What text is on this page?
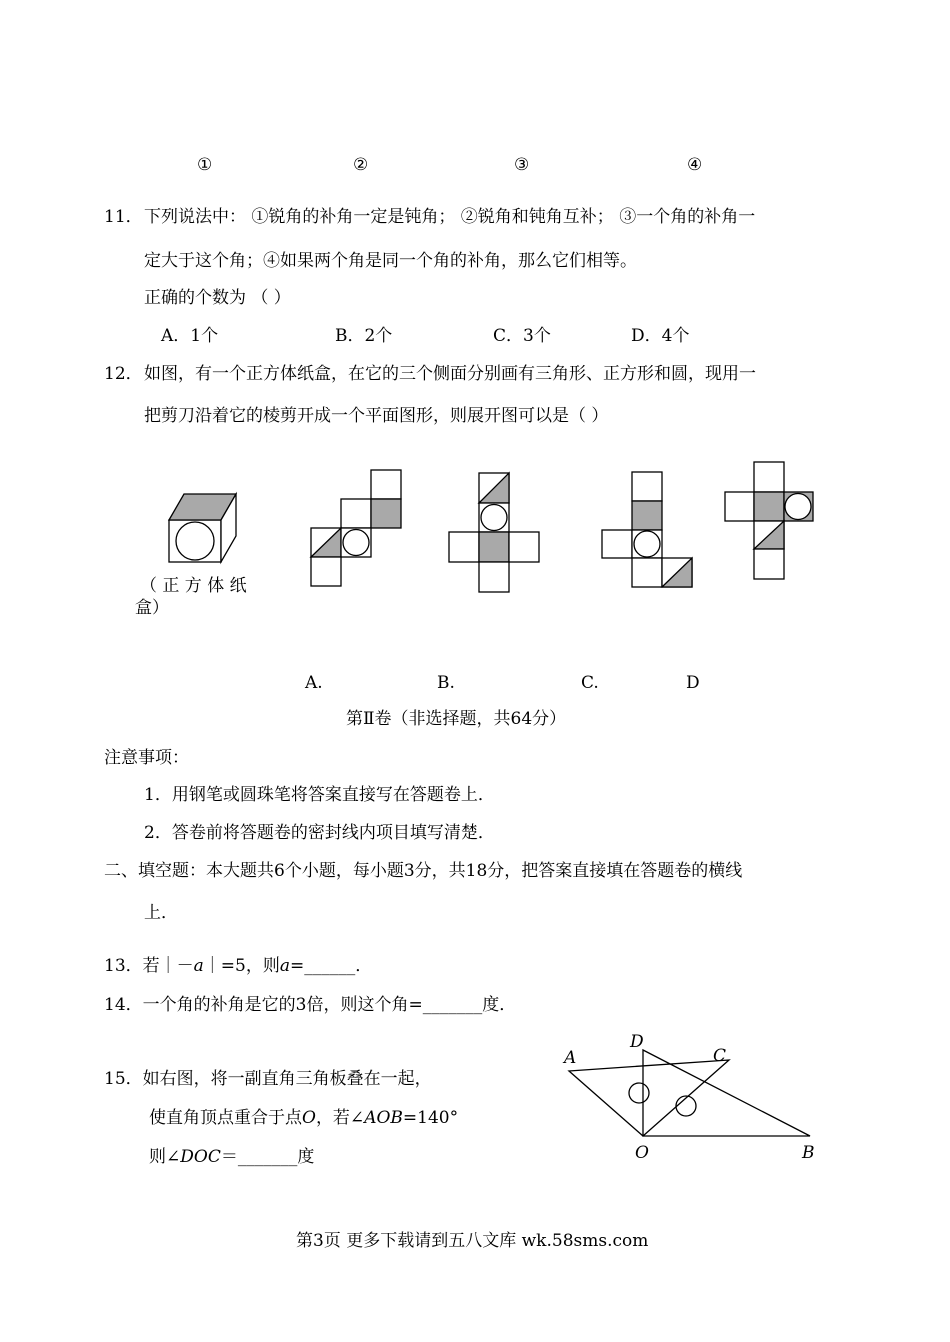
①	②	③	④
11． 下列说法中： ①锐角的补角一定是钝角； ②锐角和钝角互补； ③一个角的补角一
定大于这个角；④如果两个角是同一个角的补角，那么它们相等。
正确的个数为 （ ）
A．1个	B．2个	C．3个	D．4个
12． 如图，有一个正方体纸盒，在它的三个侧面分别画有三角形、正方形和圆，现用一
把剪刀沿着它的棱剪开成一个平面图形，则展开图可以是（ ）
（ 正 方 体 纸
盒）
A.	B.	C.	D
第Ⅱ卷（非选择题，共64分）
注意事项：
1．用钢笔或圆珠笔将答案直接写在答题卷上．
2．答卷前将答题卷的密封线内项目填写清楚．
二、填空题：本大题共6个小题，每小题3分，共18分，把答案直接填在答题卷的横线
上．
13．若｜－a｜=5，则a=______．
14．一个角的补角是它的3倍，则这个角=_______度．
15．如右图，将一副直角三角板叠在一起，
使直角顶点重合于点O，若∠AOB=140°
则∠DOC＝_______度
A
D
C
O	B
第3页 更多下载请到五八文库 wk.58sms.com
